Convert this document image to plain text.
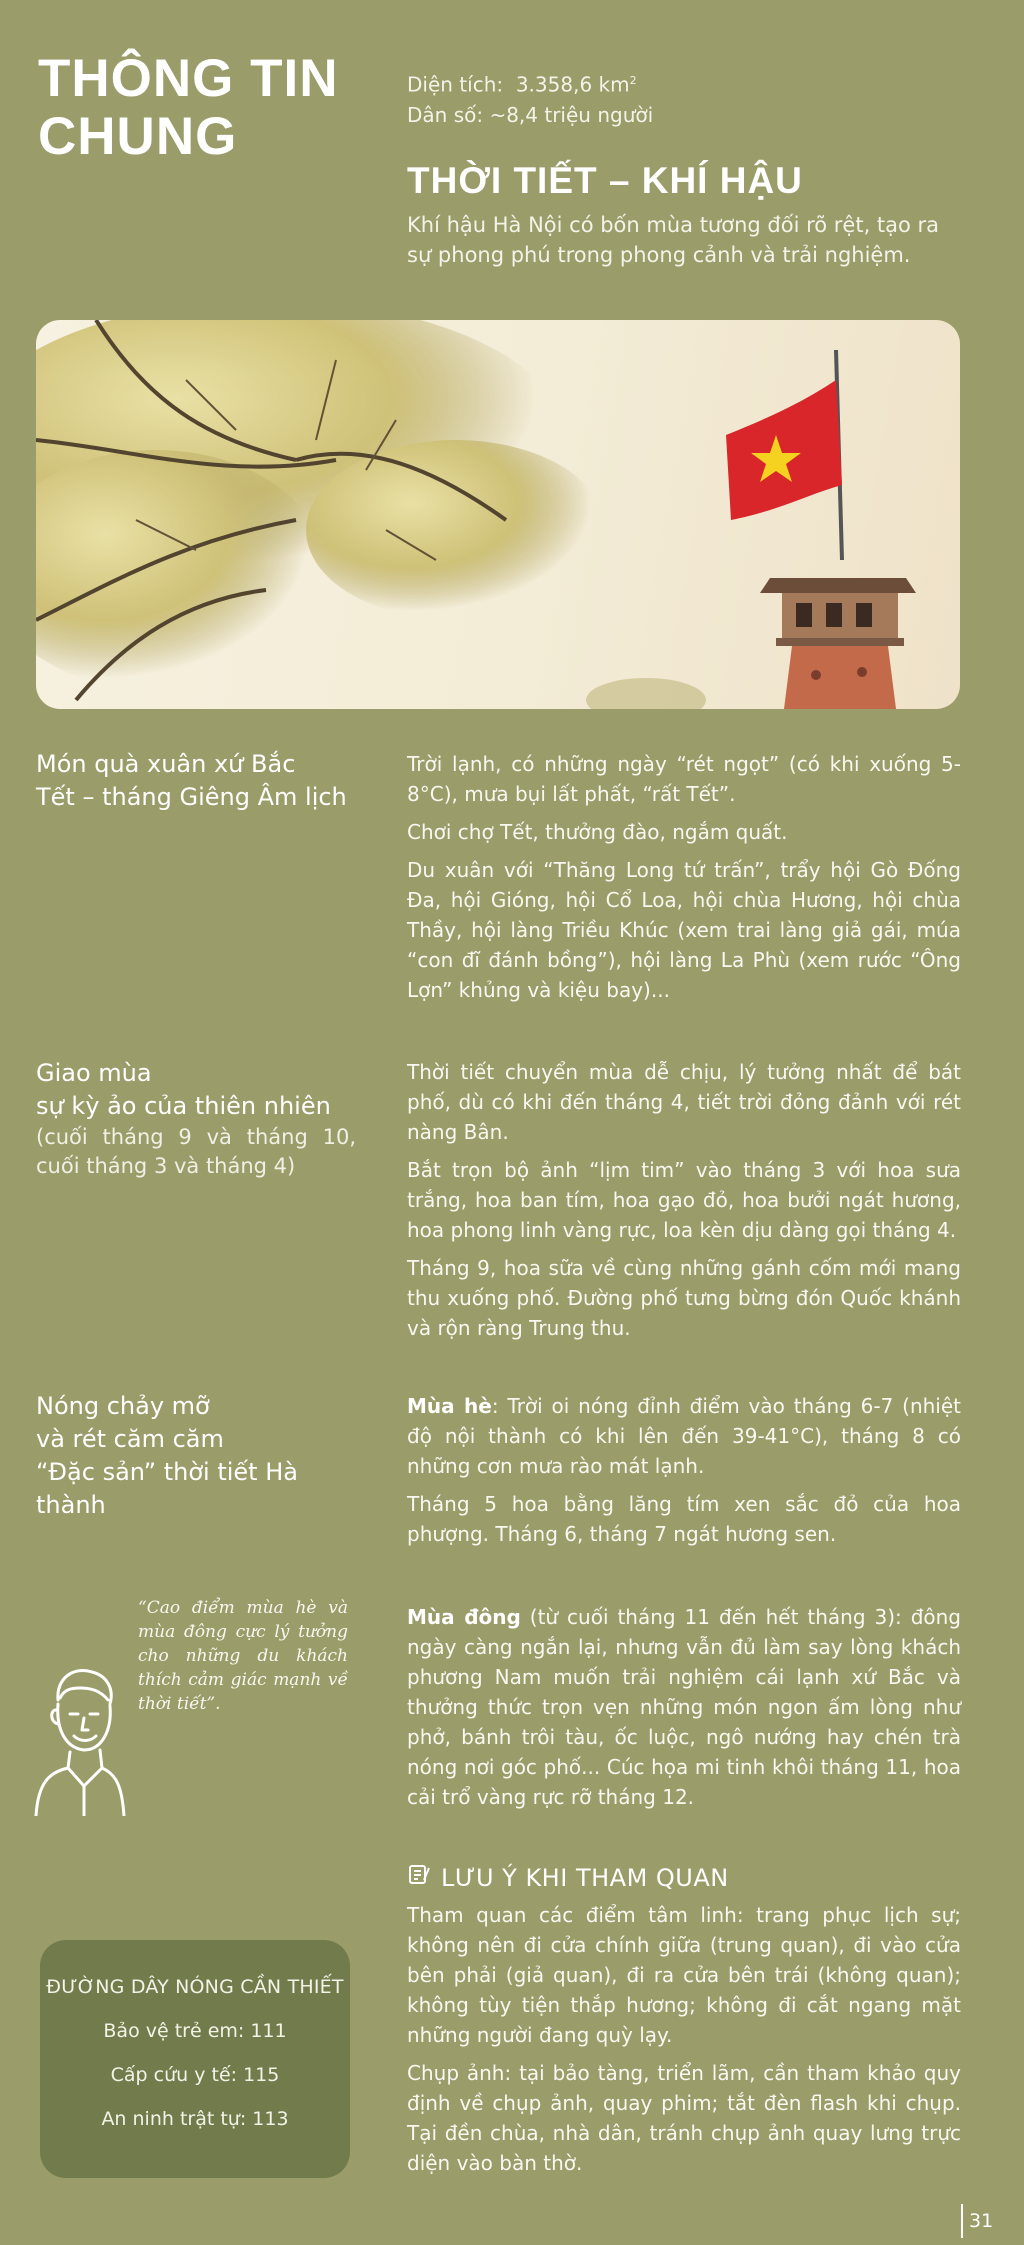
THÔNG TIN
CHUNG
Diện tích: 3.358,6 $km^2$
Dân số: ~8,4 triệu người
THỜI TIẾT – KHÍ HẬU
Khí hậu Hà Nội có bốn mùa tương đối rõ rệt, tạo ra sự phong phú trong phong cảnh và trải nghiệm.
Món quà xuân xứ Bắc
Tết – tháng Giêng Âm lịch
Trời lạnh, có những ngày “rét ngọt” (có khi xuống 5-8°C), mưa bụi lất phất, “rất Tết”.
Chơi chợ Tết, thưởng đào, ngắm quất.
Du xuân với “Thăng Long tứ trấn”, trẩy hội Gò Đống Đa, hội Gióng, hội Cổ Loa, hội chùa Hương, hội chùa Thầy, hội làng Triều Khúc (xem trai làng giả gái, múa “con đĩ đánh bồng”), hội làng La Phù (xem rước “Ông Lợn” khủng và kiệu bay)...
Giao mùa
sự kỳ ảo của thiên nhiên
(cuối tháng 9 và tháng 10, cuối tháng 3 và tháng 4)
Thời tiết chuyển mùa dễ chịu, lý tưởng nhất để bát phố, dù có khi đến tháng 4, tiết trời đỏng đảnh với rét nàng Bân.
Bắt trọn bộ ảnh “lịm tim” vào tháng 3 với hoa sưa trắng, hoa ban tím, hoa gạo đỏ, hoa bưởi ngát hương, hoa phong linh vàng rực, loa kèn dịu dàng gọi tháng 4.
Tháng 9, hoa sữa về cùng những gánh cốm mới mang thu xuống phố. Đường phố tưng bừng đón Quốc khánh và rộn ràng Trung thu.
Nóng chảy mỡ
và rét căm căm
“Đặc sản” thời tiết Hà thành
Mùa hè: Trời oi nóng đỉnh điểm vào tháng 6-7 (nhiệt độ nội thành có khi lên đến 39-41°C), tháng 8 có những cơn mưa rào mát lạnh.
Tháng 5 hoa bằng lăng tím xen sắc đỏ của hoa phượng. Tháng 6, tháng 7 ngát hương sen.
Mùa đông (từ cuối tháng 11 đến hết tháng 3): đông ngày càng ngắn lại, nhưng vẫn đủ làm say lòng khách phương Nam muốn trải nghiệm cái lạnh xứ Bắc và thưởng thức trọn vẹn những món ngon ấm lòng như phở, bánh trôi tàu, ốc luộc, ngô nướng hay chén trà nóng nơi góc phố... Cúc họa mi tinh khôi tháng 11, hoa cải trổ vàng rực rỡ tháng 12.
“Cao điểm mùa hè và mùa đông cực lý tưởng cho những du khách thích cảm giác mạnh về thời tiết”.
LƯU Ý KHI THAM QUAN
Tham quan các điểm tâm linh: trang phục lịch sự; không nên đi cửa chính giữa (trung quan), đi vào cửa bên phải (giả quan), đi ra cửa bên trái (không quan); không tùy tiện thắp hương; không đi cắt ngang mặt những người đang quỳ lạy.
Chụp ảnh: tại bảo tàng, triển lãm, cần tham khảo quy định về chụp ảnh, quay phim; tắt đèn flash khi chụp. Tại đền chùa, nhà dân, tránh chụp ảnh quay lưng trực diện vào bàn thờ.
ĐƯỜNG DÂY NÓNG CẦN THIẾT
Bảo vệ trẻ em: 111
Cấp cứu y tế: 115
An ninh trật tự: 113
31
